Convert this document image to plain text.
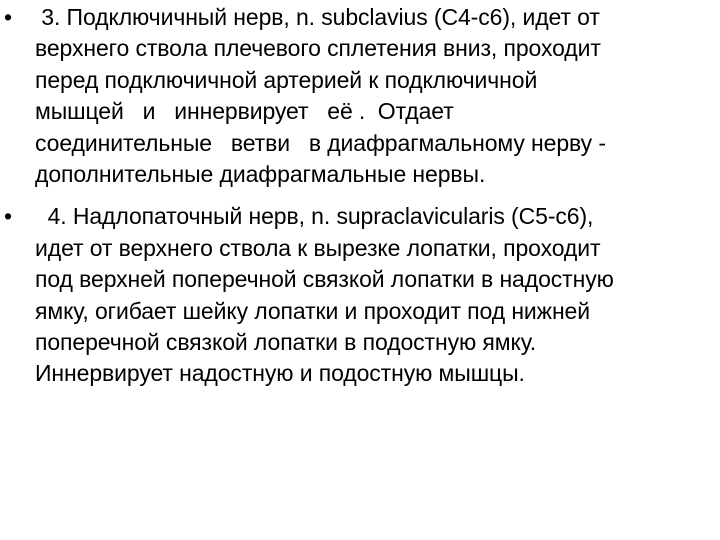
• 3. Подключичный нерв, n. subclavius (C4-c6), идет от
верхнего ствола плечевого сплетения вниз, проходит
перед подключичной артерией к подключичной
мышцей   и   иннервирует   её .  Отдает
соединительные   ветви   в диафрагмальному нерву -
дополнительные диафрагмальные нервы.
• 4. Надлопаточный нерв, n. supraclavicularis (C5-c6),
идет от верхнего ствола к вырезке лопатки, проходит
под верхней поперечной связкой лопатки в надостную
ямку, огибает шейку лопатки и проходит под нижней
поперечной связкой лопатки в подостную ямку.
Иннервирует надостную и подостную мышцы.
